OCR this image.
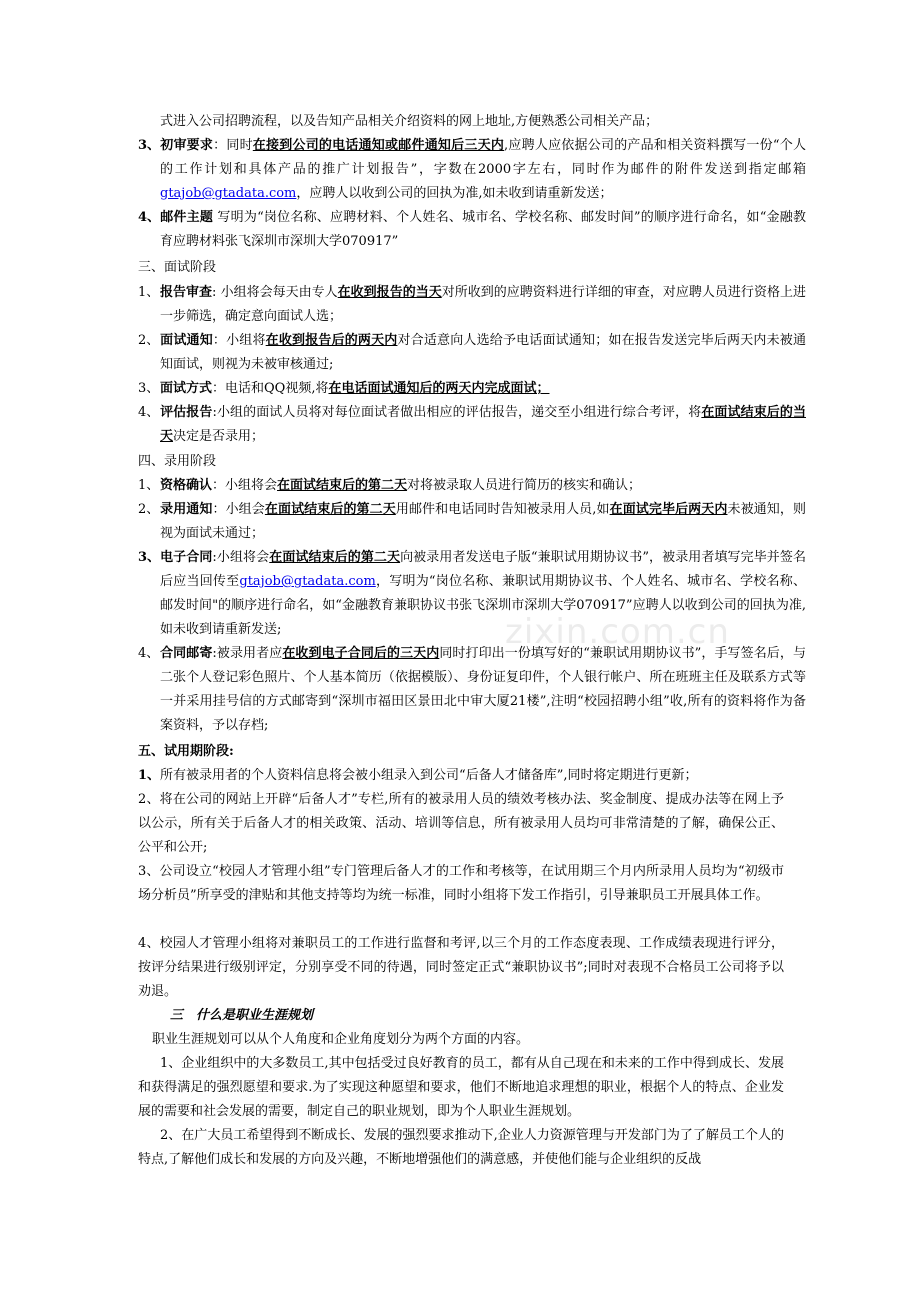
式进入公司招聘流程，以及告知产品相关介绍资料的网上地址,方便熟悉公司相关产品；
3、初审要求：同时在接到公司的电话通知或邮件通知后三天内,应聘人应依据公司的产品和相关资料撰写一份“个人的工作计划和具体产品的推广计划报告”，字数在2000字左右，同时作为邮件的附件发送到指定邮箱gtajob@gtadata.com，应聘人以收到公司的回执为准,如未收到请重新发送；
4、邮件主题 写明为“岗位名称、应聘材料、个人姓名、城市名、学校名称、邮发时间”的顺序进行命名，如“金融教育应聘材料张飞深圳市深圳大学070917”
三、面试阶段
1、报告审查: 小组将会每天由专人在收到报告的当天对所收到的应聘资料进行详细的审查，对应聘人员进行资格上进一步筛选，确定意向面试人选；
2、面试通知：小组将在收到报告后的两天内对合适意向人选给予电话面试通知；如在报告发送完毕后两天内未被通知面试，则视为未被审核通过;
3、面试方式：电话和QQ视频,将在电话面试通知后的两天内完成面试；
4、评估报告:小组的面试人员将对每位面试者做出相应的评估报告，递交至小组进行综合考评，将在面试结束后的当天决定是否录用；
四、录用阶段
1、资格确认：小组将会在面试结束后的第二天对将被录取人员进行简历的核实和确认；
2、录用通知：小组会在面试结束后的第二天用邮件和电话同时告知被录用人员,如在面试完毕后两天内未被通知，则视为面试未通过；
3、电子合同:小组将会在面试结束后的第二天向被录用者发送电子版“兼职试用期协议书”，被录用者填写完毕并签名后应当回传至gtajob@gtadata.com，写明为“岗位名称、兼职试用期协议书、个人姓名、城市名、学校名称、邮发时间"的顺序进行命名，如“金融教育兼职协议书张飞深圳市深圳大学070917”应聘人以收到公司的回执为准,如未收到请重新发送;
4、合同邮寄:被录用者应在收到电子合同后的三天内同时打印出一份填写好的“兼职试用期协议书”，手写签名后，与二张个人登记彩色照片、个人基本简历（依据模版）、身份证复印件，个人银行帐户、所在班班主任及联系方式等一并采用挂号信的方式邮寄到“深圳市福田区景田北中审大厦21楼”,注明“校园招聘小组”收,所有的资料将作为备案资料，予以存档;
五、试用期阶段:
1、所有被录用者的个人资料信息将会被小组录入到公司“后备人才储备库”,同时将定期进行更新；
2、将在公司的网站上开辟“后备人才”专栏,所有的被录用人员的绩效考核办法、奖金制度、提成办法等在网上予以公示，所有关于后备人才的相关政策、活动、培训等信息，所有被录用人员均可非常清楚的了解，确保公正、公平和公开;
3、公司设立“校园人才管理小组”专门管理后备人才的工作和考核等，在试用期三个月内所录用人员均为“初级市场分析员”所享受的津贴和其他支持等均为统一标准，同时小组将下发工作指引，引导兼职员工开展具体工作。
4、校园人才管理小组将对兼职员工的工作进行监督和考评,以三个月的工作态度表现、工作成绩表现进行评分，按评分结果进行级别评定，分别享受不同的待遇，同时签定正式“兼职协议书”;同时对表现不合格员工公司将予以劝退。
三　什么是职业生涯规划
职业生涯规划可以从个人角度和企业角度划分为两个方面的内容。
1、企业组织中的大多数员工,其中包括受过良好教育的员工，都有从自己现在和未来的工作中得到成长、发展和获得满足的强烈愿望和要求.为了实现这种愿望和要求，他们不断地追求理想的职业，根据个人的特点、企业发展的需要和社会发展的需要，制定自己的职业规划，即为个人职业生涯规划。
2、在广大员工希望得到不断成长、发展的强烈要求推动下,企业人力资源管理与开发部门为了了解员工个人的特点,了解他们成长和发展的方向及兴趣，不断地增强他们的满意感，并使他们能与企业组织的反战
zixin.com.cn
